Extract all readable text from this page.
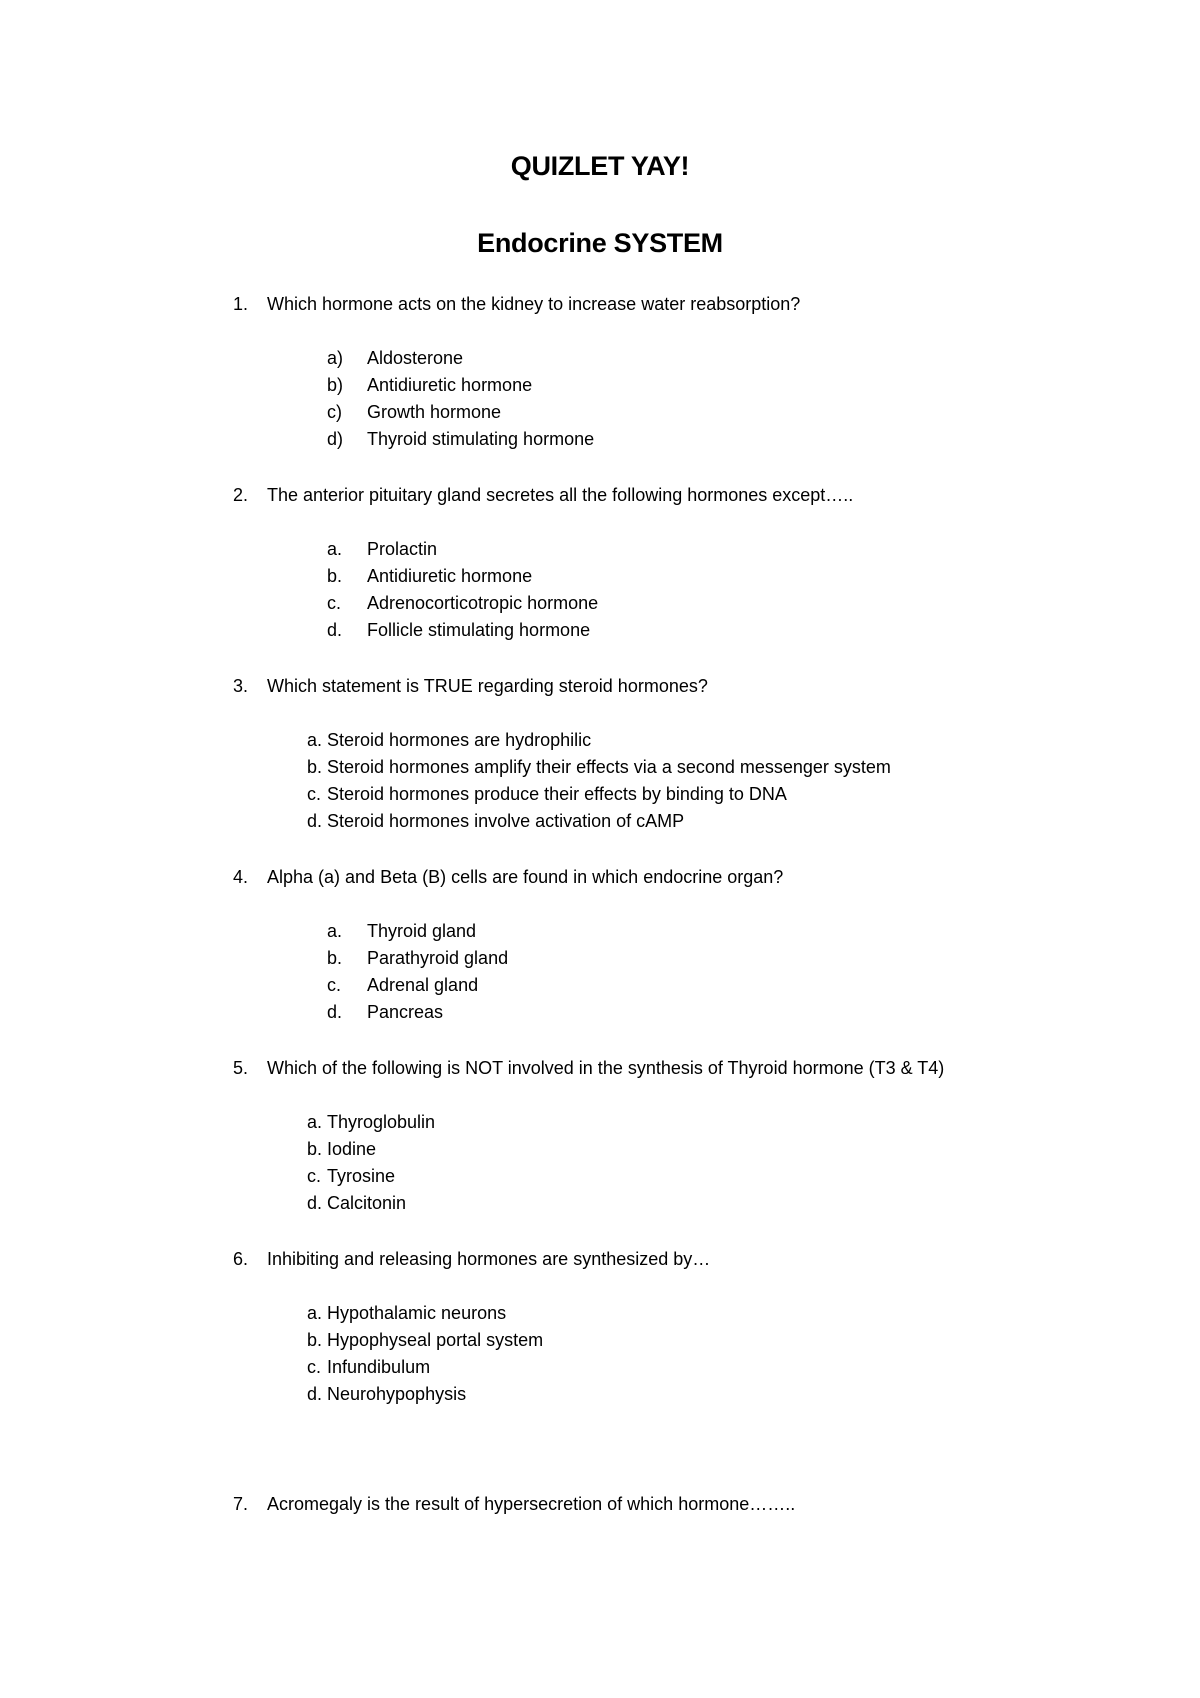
QUIZLET YAY!
Endocrine SYSTEM
1. Which hormone acts on the kidney to increase water reabsorption?
a) Aldosterone
b) Antidiuretic hormone
c) Growth hormone
d) Thyroid stimulating hormone
2. The anterior pituitary gland secretes all the following hormones except…..
a. Prolactin
b. Antidiuretic hormone
c. Adrenocorticotropic hormone
d. Follicle stimulating hormone
3. Which statement is TRUE regarding steroid hormones?
a. Steroid hormones are hydrophilic
b. Steroid hormones amplify their effects via a second messenger system
c. Steroid hormones produce their effects by binding to DNA
d. Steroid hormones involve activation of cAMP
4. Alpha (a) and Beta (B) cells are found in which endocrine organ?
a. Thyroid gland
b. Parathyroid gland
c. Adrenal gland
d. Pancreas
5. Which of the following is NOT involved in the synthesis of Thyroid hormone (T3 & T4)
a. Thyroglobulin
b. Iodine
c. Tyrosine
d. Calcitonin
6. Inhibiting and releasing hormones are synthesized by…
a. Hypothalamic neurons
b. Hypophyseal portal system
c. Infundibulum
d. Neurohypophysis
7. Acromegaly is the result of hypersecretion of which hormone……..
